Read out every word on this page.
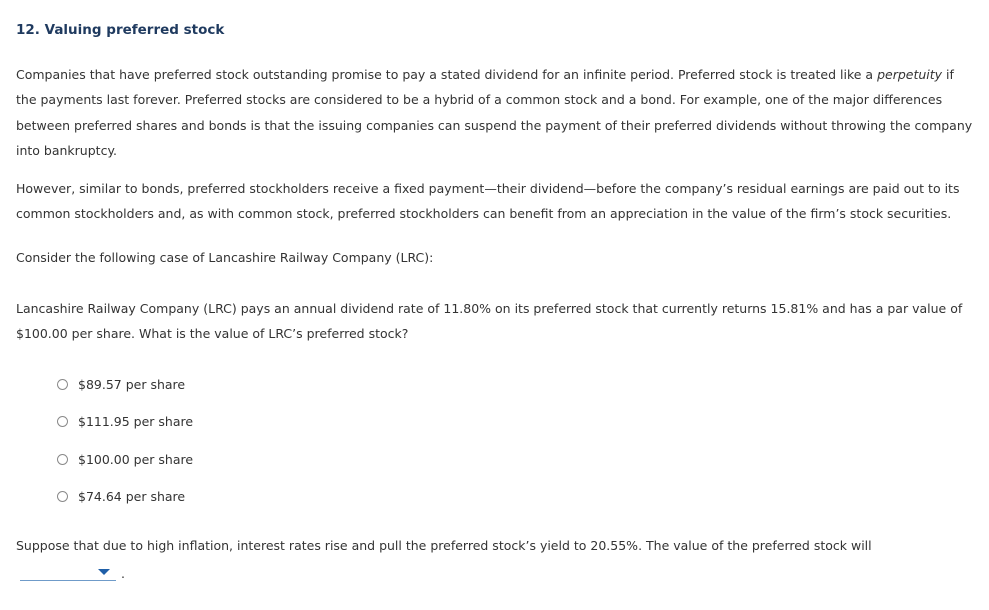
12. Valuing preferred stock

Companies that have preferred stock outstanding promise to pay a stated dividend for an infinite period. Preferred stock is treated like a perpetuity if the payments last forever. Preferred stocks are considered to be a hybrid of a common stock and a bond. For example, one of the major differences between preferred shares and bonds is that the issuing companies can suspend the payment of their preferred dividends without throwing the company into bankruptcy.

However, similar to bonds, preferred stockholders receive a fixed payment—their dividend—before the company’s residual earnings are paid out to its common stockholders and, as with common stock, preferred stockholders can benefit from an appreciation in the value of the firm’s stock securities.

Consider the following case of Lancashire Railway Company (LRC):

Lancashire Railway Company (LRC) pays an annual dividend rate of 11.80% on its preferred stock that currently returns 15.81% and has a par value of $100.00 per share. What is the value of LRC’s preferred stock?

$89.57 per share
$111.95 per share
$100.00 per share
$74.64 per share

Suppose that due to high inflation, interest rates rise and pull the preferred stock’s yield to 20.55%. The value of the preferred stock will

.
